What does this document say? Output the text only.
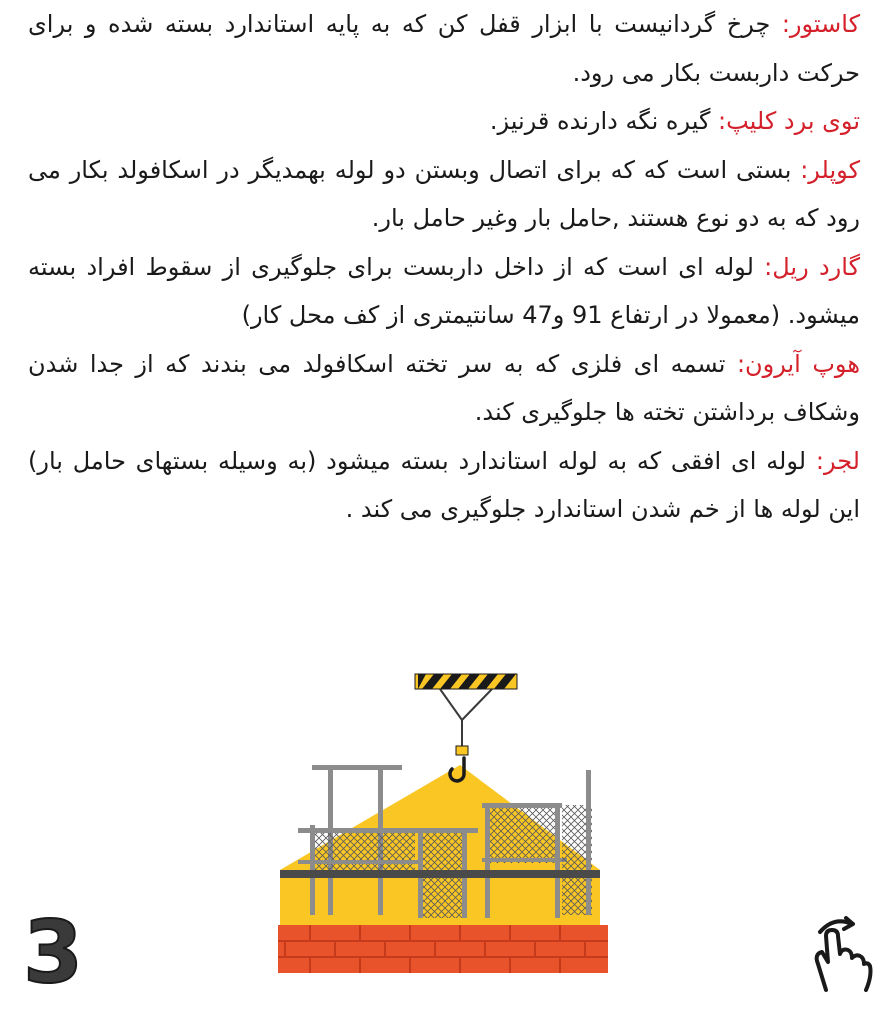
کاستور: چرخ گردانیست با ابزار قفل کن که به پایه استاندارد بسته شده و برای حرکت داربست بکار می رود.

توی برد کلیپ: گیره نگه دارنده قرنیز.

کوپلر: بستی است که که برای اتصال وبستن دو لوله بهمدیگر در اسکافولد بکار می رود که به دو نوع هستند ,حامل بار وغیر حامل بار.

گارد ریل: لوله ای است که از داخل داربست برای جلوگیری از سقوط افراد بسته میشود. (معمولا در ارتفاع 91 و47 سانتیمتری از کف محل کار)

هوپ آیرون: تسمه ای فلزی که به سر تخته اسکافولد می بندند که از جدا شدن وشکاف برداشتن تخته ها جلوگیری کند.

لجر: لوله ای افقی که به لوله استاندارد بسته میشود (به وسیله بستهای حامل بار) این لوله ها از خم شدن استاندارد جلوگیری می کند .

3
